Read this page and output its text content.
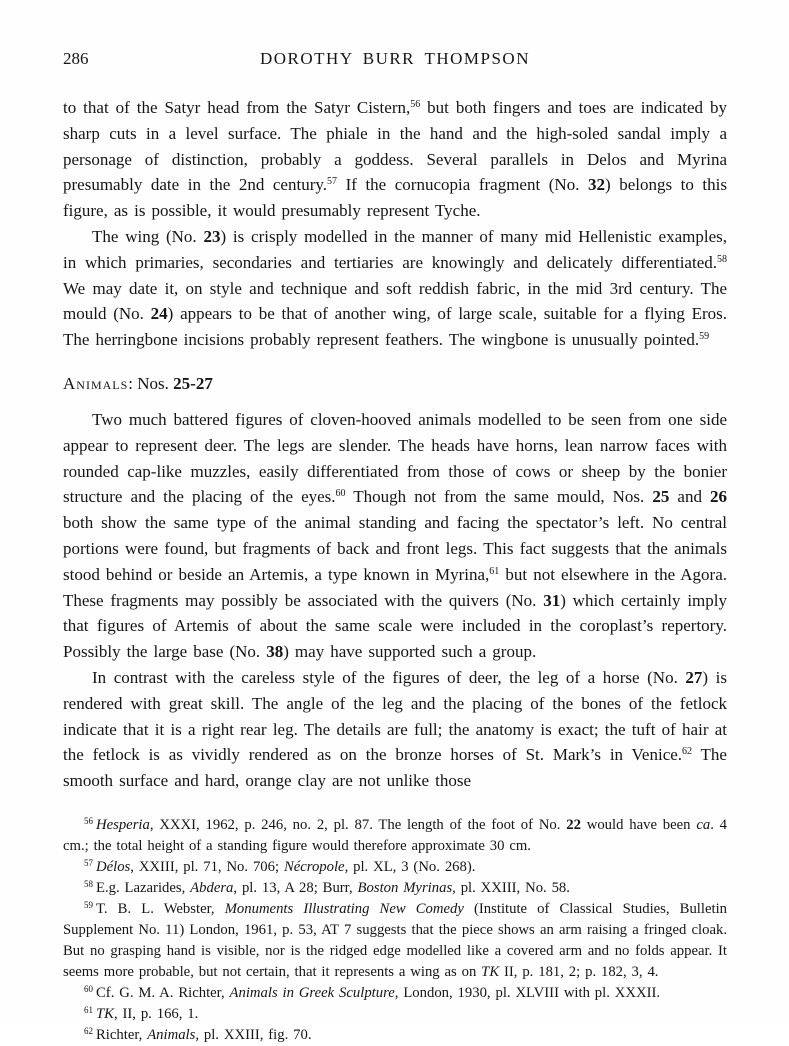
286	DOROTHY BURR THOMPSON

to that of the Satyr head from the Satyr Cistern,$^{56}$ but both fingers and toes are indicated by sharp cuts in a level surface. The phiale in the hand and the high-soled sandal imply a personage of distinction, probably a goddess. Several parallels in Delos and Myrina presumably date in the 2nd century.$^{57}$ If the cornucopia fragment (No. 32) belongs to this figure, as is possible, it would presumably represent Tyche.

The wing (No. 23) is crisply modelled in the manner of many mid Hellenistic examples, in which primaries, secondaries and tertiaries are knowingly and delicately differentiated.$^{58}$ We may date it, on style and technique and soft reddish fabric, in the mid 3rd century. The mould (No. 24) appears to be that of another wing, of large scale, suitable for a flying Eros. The herringbone incisions probably represent feathers. The wingbone is unusually pointed.$^{59}$

Animals: Nos. 25-27

Two much battered figures of cloven-hooved animals modelled to be seen from one side appear to represent deer. The legs are slender. The heads have horns, lean narrow faces with rounded cap-like muzzles, easily differentiated from those of cows or sheep by the bonier structure and the placing of the eyes.$^{60}$ Though not from the same mould, Nos. 25 and 26 both show the same type of the animal standing and facing the spectator’s left. No central portions were found, but fragments of back and front legs. This fact suggests that the animals stood behind or beside an Artemis, a type known in Myrina,$^{61}$ but not elsewhere in the Agora. These fragments may possibly be associated with the quivers (No. 31) which certainly imply that figures of Artemis of about the same scale were included in the coroplast’s repertory. Possibly the large base (No. 38) may have supported such a group.

In contrast with the careless style of the figures of deer, the leg of a horse (No. 27) is rendered with great skill. The angle of the leg and the placing of the bones of the fetlock indicate that it is a right rear leg. The details are full; the anatomy is exact; the tuft of hair at the fetlock is as vividly rendered as on the bronze horses of St. Mark’s in Venice.$^{62}$ The smooth surface and hard, orange clay are not unlike those

$^{56}$ Hesperia, XXXI, 1962, p. 246, no. 2, pl. 87. The length of the foot of No. 22 would have been ca. 4 cm.; the total height of a standing figure would therefore approximate 30 cm.

$^{57}$ Délos, XXIII, pl. 71, No. 706; Nécropole, pl. XL, 3 (No. 268).

$^{58}$ E.g. Lazarides, Abdera, pl. 13, A 28; Burr, Boston Myrinas, pl. XXIII, No. 58.

$^{59}$ T. B. L. Webster, Monuments Illustrating New Comedy (Institute of Classical Studies, Bulletin Supplement No. 11) London, 1961, p. 53, AT 7 suggests that the piece shows an arm raising a fringed cloak. But no grasping hand is visible, nor is the ridged edge modelled like a covered arm and no folds appear. It seems more probable, but not certain, that it represents a wing as on TK II, p. 181, 2; p. 182, 3, 4.

$^{60}$ Cf. G. M. A. Richter, Animals in Greek Sculpture, London, 1930, pl. XLVIII with pl. XXXII.

$^{61}$ TK, II, p. 166, 1.

$^{62}$ Richter, Animals, pl. XXIII, fig. 70.
